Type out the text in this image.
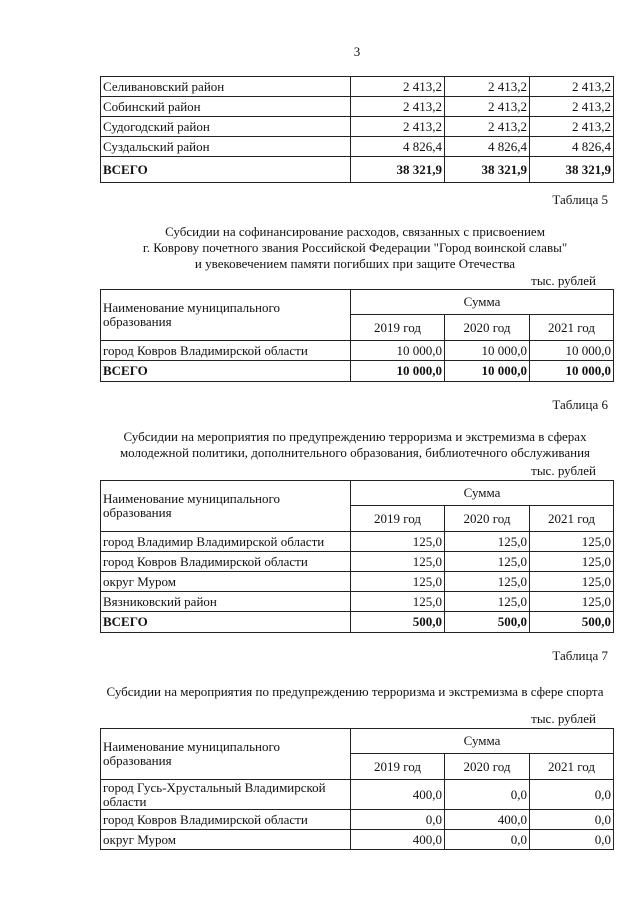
3
Селивановский район	2 413,2	2 413,2	2 413,2
Собинский район	2 413,2	2 413,2	2 413,2
Судогодский район	2 413,2	2 413,2	2 413,2
Суздальский район	4 826,4	4 826,4	4 826,4
ВСЕГО	38 321,9	38 321,9	38 321,9
Таблица 5
Субсидии на софинансирование расходов, связанных с присвоением
г. Коврову почетного звания Российской Федерации "Город воинской славы"
и увековечением памяти погибших при защите Отечества
тыс. рублей
Наименование муниципального образования	Сумма		
	2019 год	2020 год	2021 год
город Ковров Владимирской области	10 000,0	10 000,0	10 000,0
ВСЕГО	10 000,0	10 000,0	10 000,0
Таблица 6
Субсидии на мероприятия по предупреждению терроризма и экстремизма в сферах
молодежной политики, дополнительного образования, библиотечного обслуживания
тыс. рублей
Наименование муниципального образования	Сумма		
	2019 год	2020 год	2021 год
город Владимир Владимирской области	125,0	125,0	125,0
город Ковров Владимирской области	125,0	125,0	125,0
округ Муром	125,0	125,0	125,0
Вязниковский район	125,0	125,0	125,0
ВСЕГО	500,0	500,0	500,0
Таблица 7
Субсидии на мероприятия по предупреждению терроризма и экстремизма в сфере спорта
тыс. рублей
Наименование муниципального образования	Сумма		
	2019 год	2020 год	2021 год
город Гусь-Хрустальный Владимирской области	400,0	0,0	0,0
город Ковров Владимирской области	0,0	400,0	0,0
округ Муром	400,0	0,0	0,0
